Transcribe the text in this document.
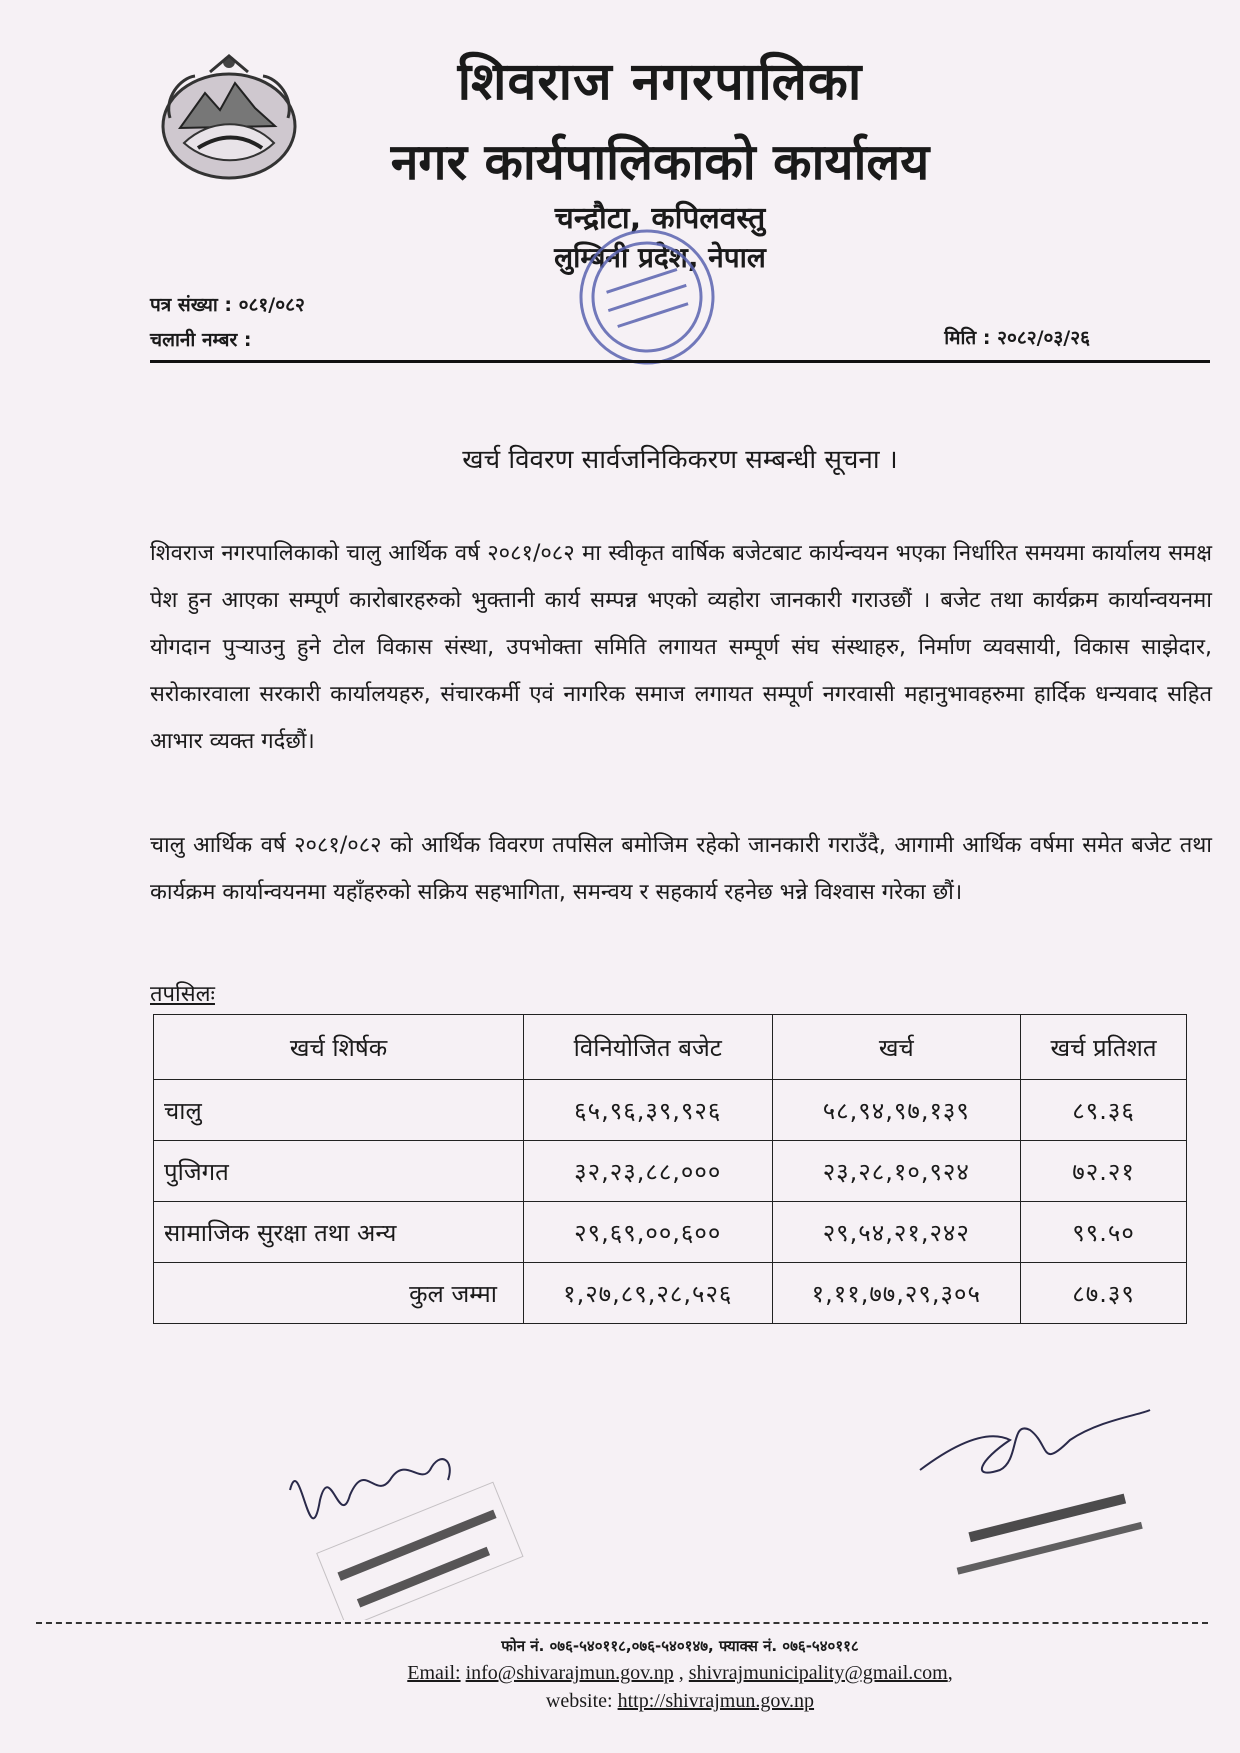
शिवराज नगरपालिका
नगर कार्यपालिकाको कार्यालय
चन्द्रौटा, कपिलवस्तु
लुम्बिनी प्रदेश, नेपाल
पत्र संख्या : ०८१/०८२
चलानी नम्बर :	मिति : २०८२/०३/२६
खर्च विवरण सार्वजनिकिकरण सम्बन्धी सूचना ।
शिवराज नगरपालिकाको चालु आर्थिक वर्ष २०८१/०८२ मा स्वीकृत वार्षिक बजेटबाट कार्यन्वयन भएका निर्धारित समयमा कार्यालय समक्ष पेश हुन आएका सम्पूर्ण कारोबारहरुको भुक्तानी कार्य सम्पन्न भएको व्यहोरा जानकारी गराउछौं । बजेट तथा कार्यक्रम कार्यान्वयनमा योगदान पुऱ्याउनु हुने टोल विकास संस्था, उपभोक्ता समिति लगायत सम्पूर्ण संघ संस्थाहरु, निर्माण व्यवसायी, विकास साझेदार, सरोकारवाला सरकारी कार्यालयहरु, संचारकर्मी एवं नागरिक समाज लगायत सम्पूर्ण नगरवासी महानुभावहरुमा हार्दिक धन्यवाद सहित आभार व्यक्त गर्दछौं।
चालु आर्थिक वर्ष २०८१/०८२ को आर्थिक विवरण तपसिल बमोजिम रहेको जानकारी गराउँदै, आगामी आर्थिक वर्षमा समेत बजेट तथा कार्यक्रम कार्यान्वयनमा यहाँहरुको सक्रिय सहभागिता, समन्वय र सहकार्य रहनेछ भन्ने विश्वास गरेका छौं।
तपसिलः
खर्च शिर्षक	विनियोजित बजेट	खर्च	खर्च प्रतिशत
चालु	६५,९६,३९,९२६	५८,९४,९७,१३९	८९.३६
पुजिगत	३२,२३,८८,०००	२३,२८,१०,९२४	७२.२१
सामाजिक सुरक्षा तथा अन्य	२९,६९,००,६००	२९,५४,२१,२४२	९९.५०
कुल जम्मा	१,२७,८९,२८,५२६	१,११,७७,२९,३०५	८७.३९
फोन नं. ०७६-५४०११८,०७६-५४०१४७, फ्याक्स नं. ०७६-५४०११८
Email: info@shivarajmun.gov.np , shivrajmunicipality@gmail.com,
website: http://shivrajmun.gov.np
